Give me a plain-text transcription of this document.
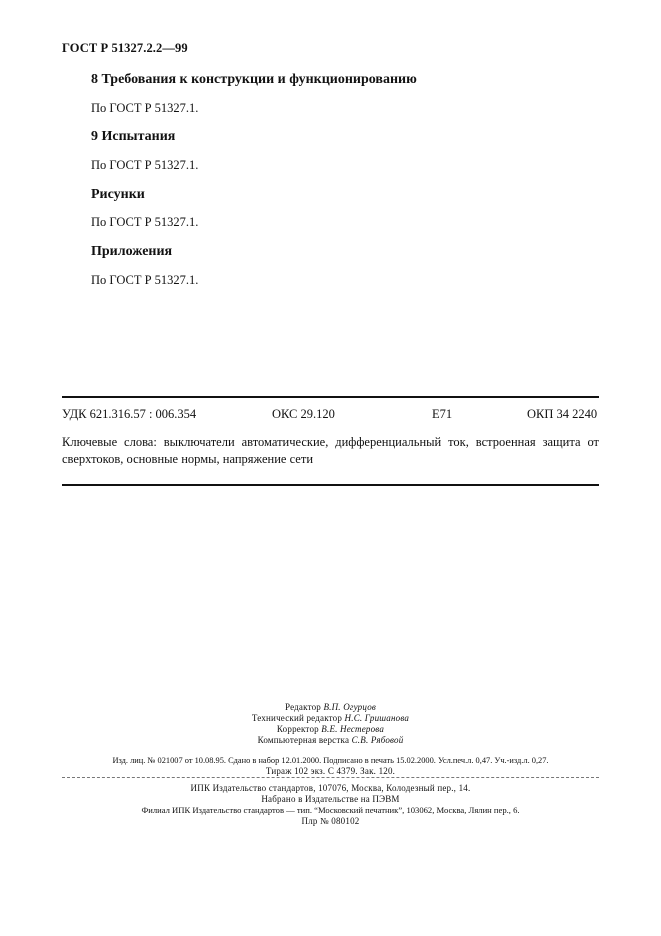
ГОСТ Р 51327.2.2—99
8 Требования к конструкции и функционированию
По ГОСТ Р 51327.1.
9 Испытания
По ГОСТ Р 51327.1.
Рисунки
По ГОСТ Р 51327.1.
Приложения
По ГОСТ Р 51327.1.
УДК 621.316.57 : 006.354	ОКС 29.120	Е71	ОКП 34 2240
Ключевые слова: выключатели автоматические, дифференциальный ток, встроенная защита от сверхтоков, основные нормы, напряжение сети
Редактор В.П. Огурцов
Технический редактор Н.С. Гришанова
Корректор В.Е. Нестерова
Компьютерная верстка С.В. Рябовой
Изд. лиц. № 021007 от 10.08.95. Сдано в набор 12.01.2000. Подписано в печать 15.02.2000. Усл.печ.л. 0,47. Уч.-изд.л. 0,27.
Тираж 102 экз. С 4379. Зак. 120.
ИПК Издательство стандартов, 107076, Москва, Колодезный пер., 14.
Набрано в Издательстве на ПЭВМ
Филиал ИПК Издательство стандартов — тип. “Московский печатник”, 103062, Москва, Лялин пер., 6.
Плр № 080102
